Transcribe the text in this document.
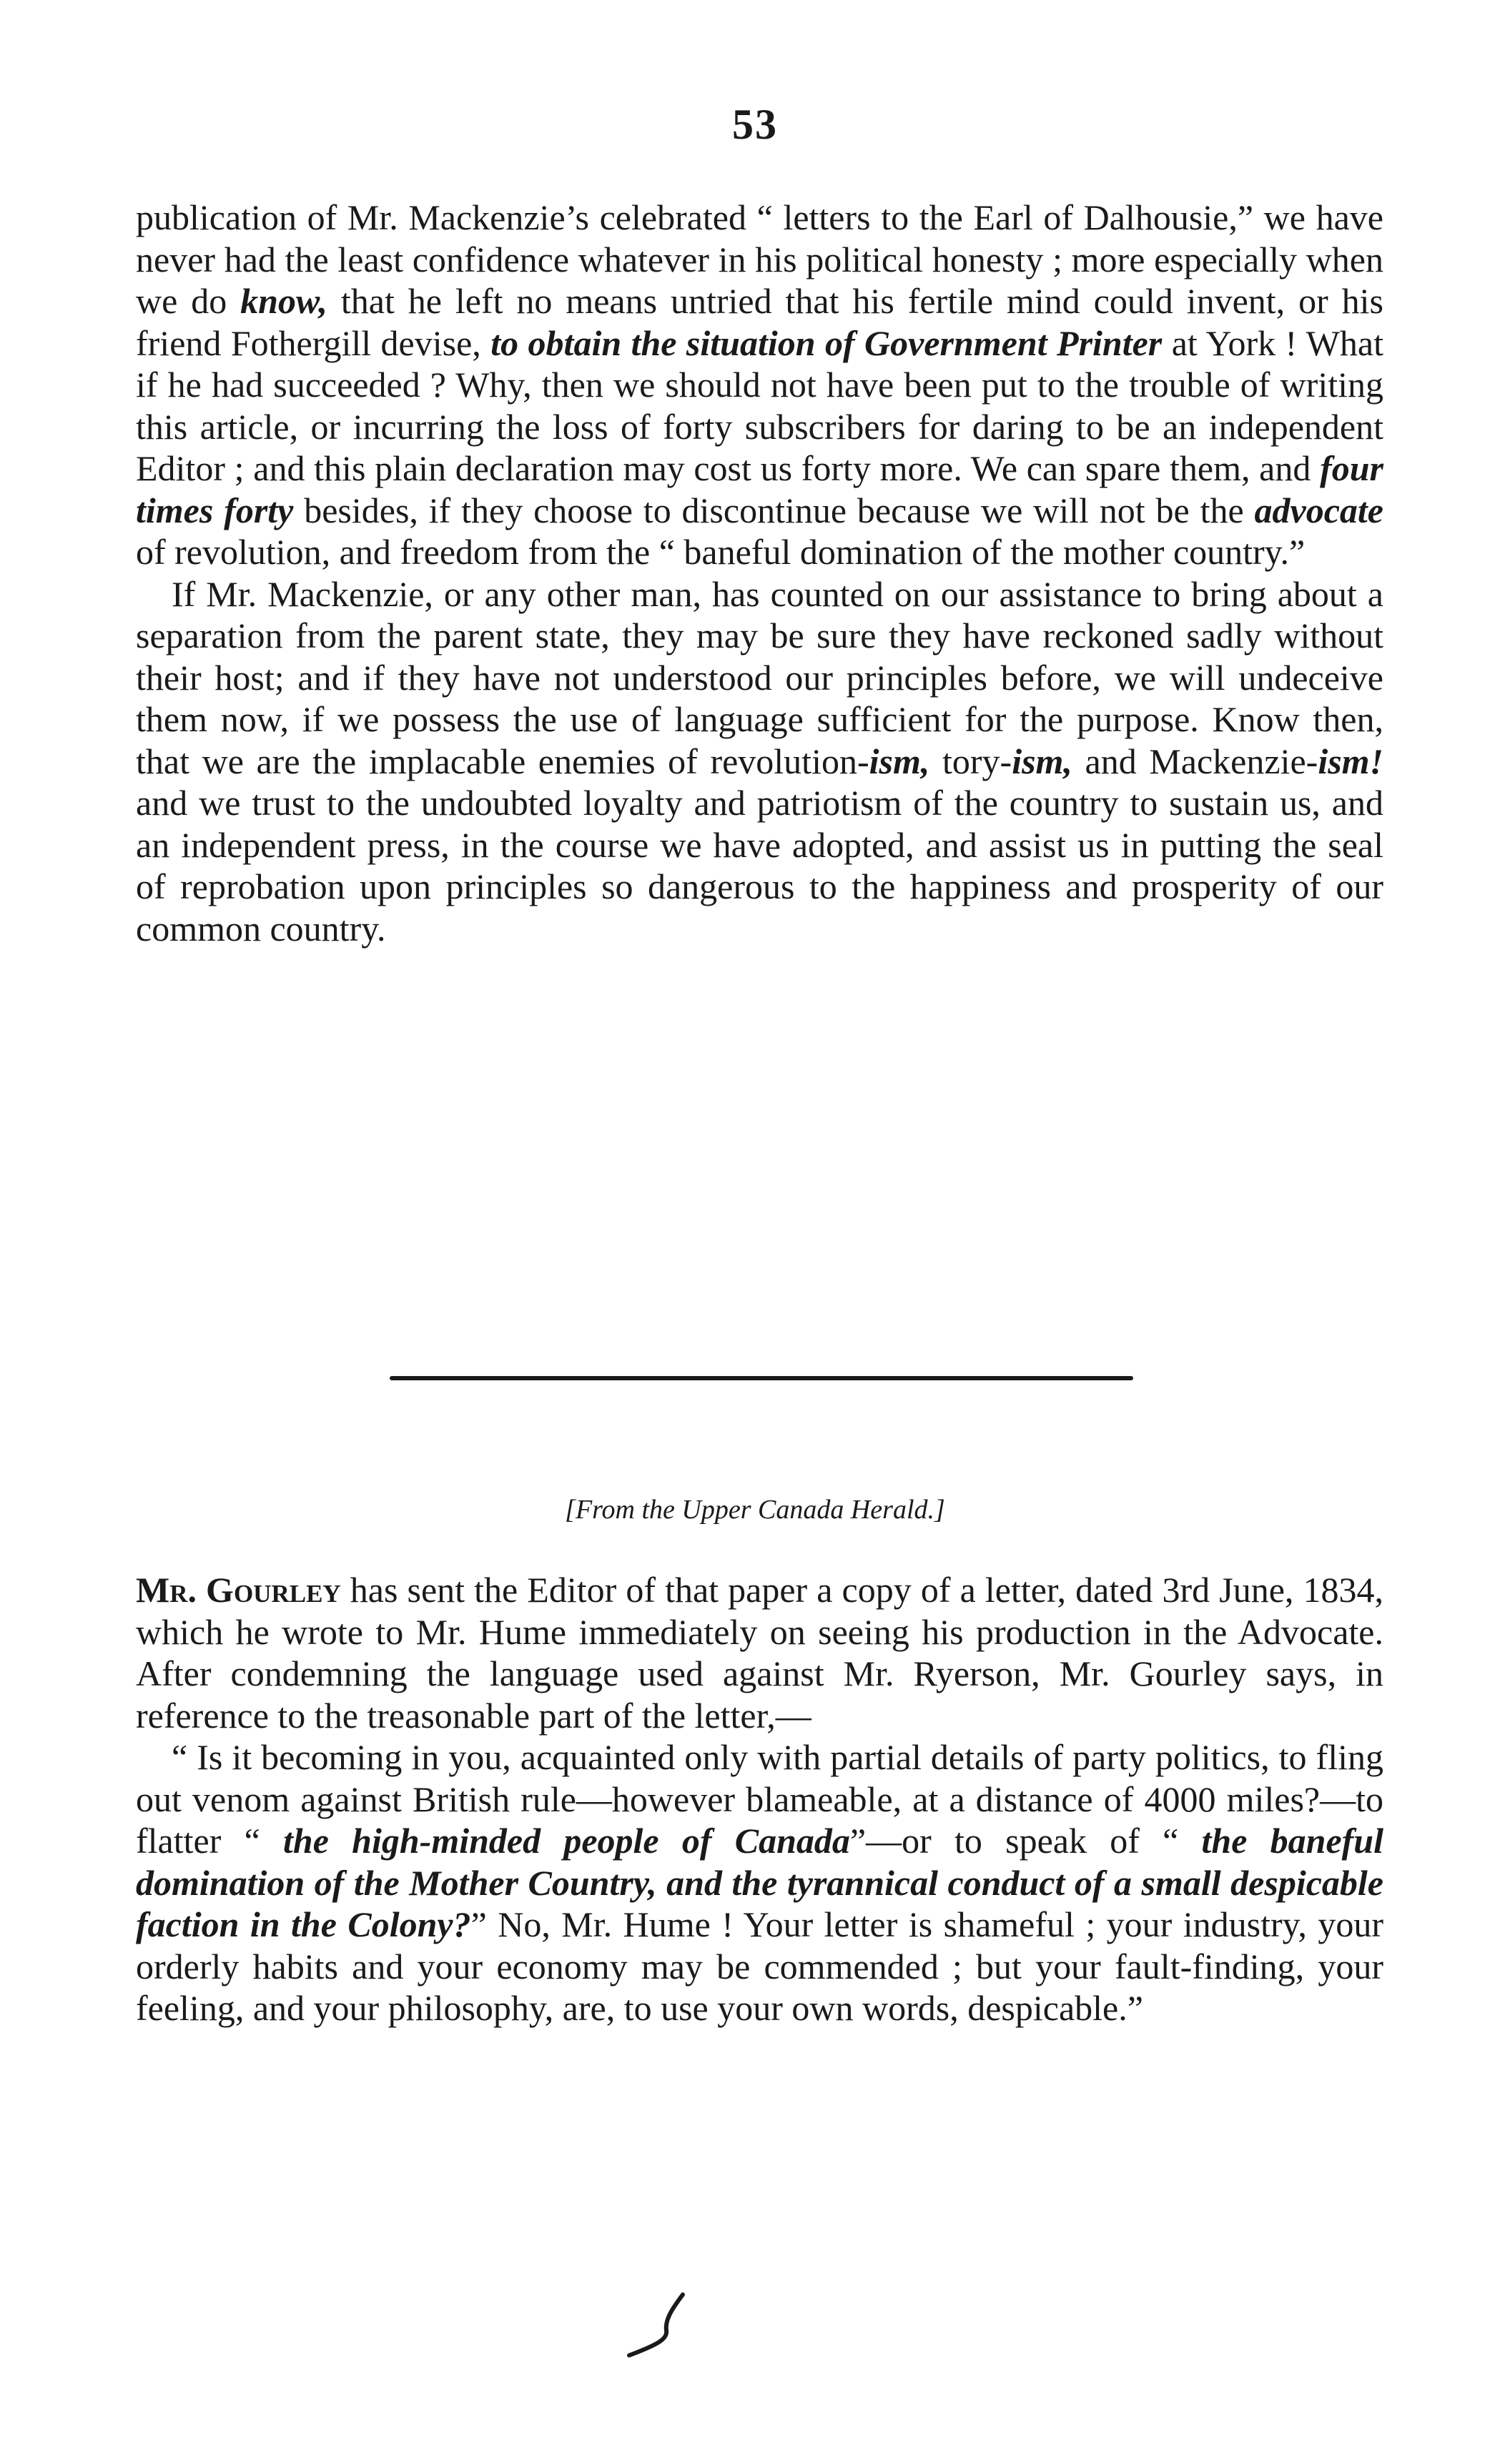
53

publication of Mr. Mackenzie’s celebrated “ letters to the Earl of Dalhousie,” we have never had the least confidence whatever in his political honesty ; more especially when we do know, that he left no means untried that his fertile mind could invent, or his friend Fothergill devise, to obtain the situation of Government Printer at York ! What if he had succeeded ? Why, then we should not have been put to the trouble of writing this article, or incurring the loss of forty subscribers for daring to be an independent Editor ; and this plain declaration may cost us forty more. We can spare them, and four times forty besides, if they choose to discontinue because we will not be the advocate of revolution, and freedom from the “ baneful domination of the mother country.”

If Mr. Mackenzie, or any other man, has counted on our assistance to bring about a separation from the parent state, they may be sure they have reckoned sadly without their host; and if they have not understood our principles before, we will undeceive them now, if we possess the use of language sufficient for the purpose. Know then, that we are the implacable enemies of revolution-ism, tory-ism, and Mackenzie-ism! and we trust to the undoubted loyalty and patriotism of the country to sustain us, and an independent press, in the course we have adopted, and assist us in putting the seal of reprobation upon principles so dangerous to the happiness and prosperity of our common country.

[From the Upper Canada Herald.]

Mr. Gourley has sent the Editor of that paper a copy of a letter, dated 3rd June, 1834, which he wrote to Mr. Hume immediately on seeing his production in the Advocate. After condemning the language used against Mr. Ryerson, Mr. Gourley says, in reference to the treasonable part of the letter,—

“ Is it becoming in you, acquainted only with partial details of party politics, to fling out venom against British rule—however blameable, at a distance of 4000 miles?—to flatter “ the high-minded people of Canada”—or to speak of “ the baneful domination of the Mother Country, and the tyrannical conduct of a small despicable faction in the Colony?” No, Mr. Hume ! Your letter is shameful ; your industry, your orderly habits and your economy may be commended ; but your fault-finding, your feeling, and your philosophy, are, to use your own words, despicable.”
